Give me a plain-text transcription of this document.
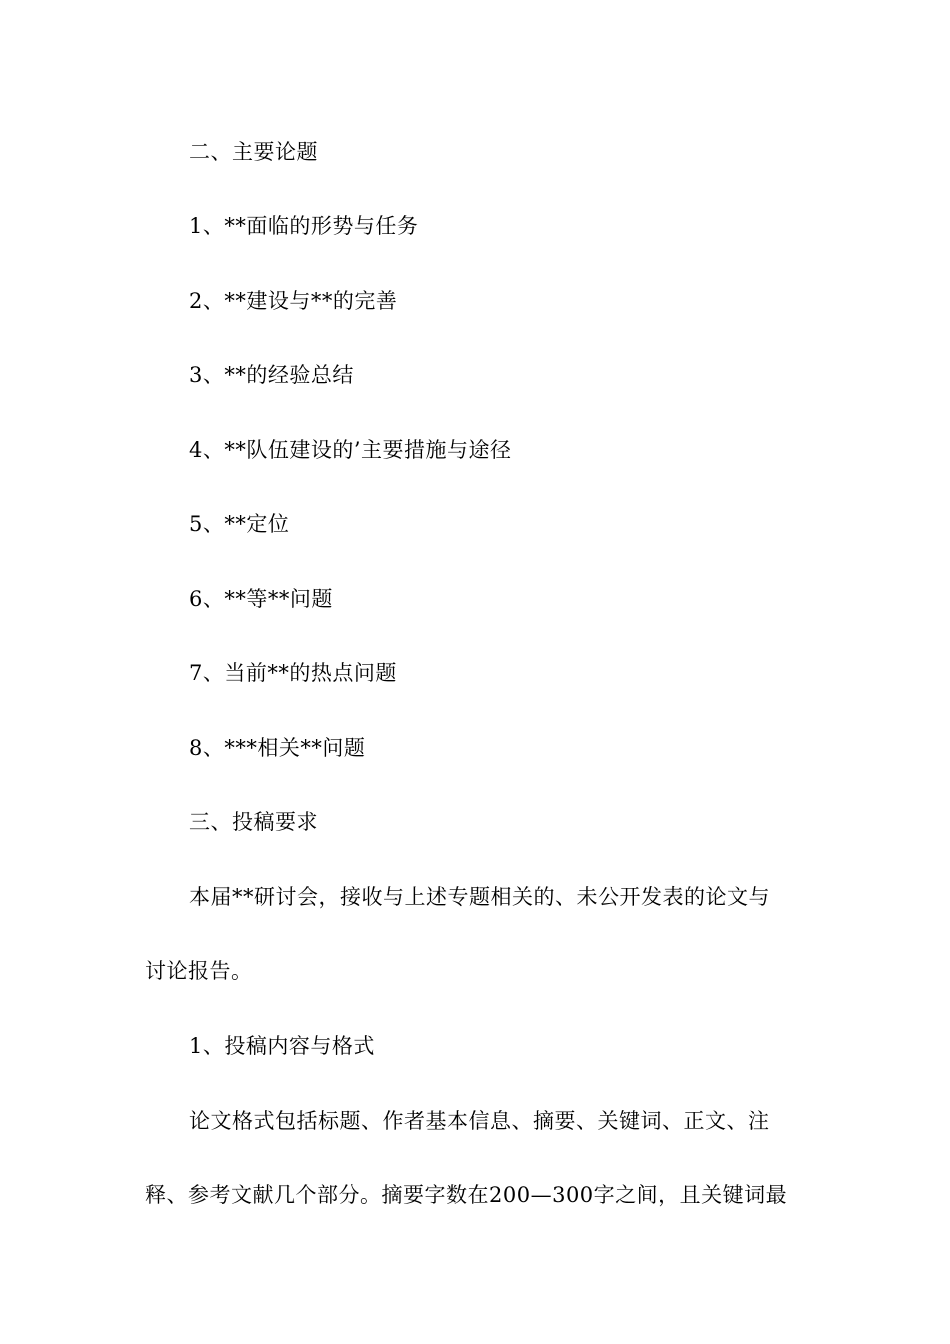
二、主要论题
1、**面临的形势与任务
2、**建设与**的完善
3、**的经验总结
4、**队伍建设的’主要措施与途径
5、**定位
6、**等**问题
7、当前**的热点问题
8、***相关**问题
三、投稿要求
本届**研讨会，接收与上述专题相关的、未公开发表的论文与
讨论报告。
1、投稿内容与格式
论文格式包括标题、作者基本信息、摘要、关键词、正文、注
释、参考文献几个部分。摘要字数在200—300字之间，且关键词最
